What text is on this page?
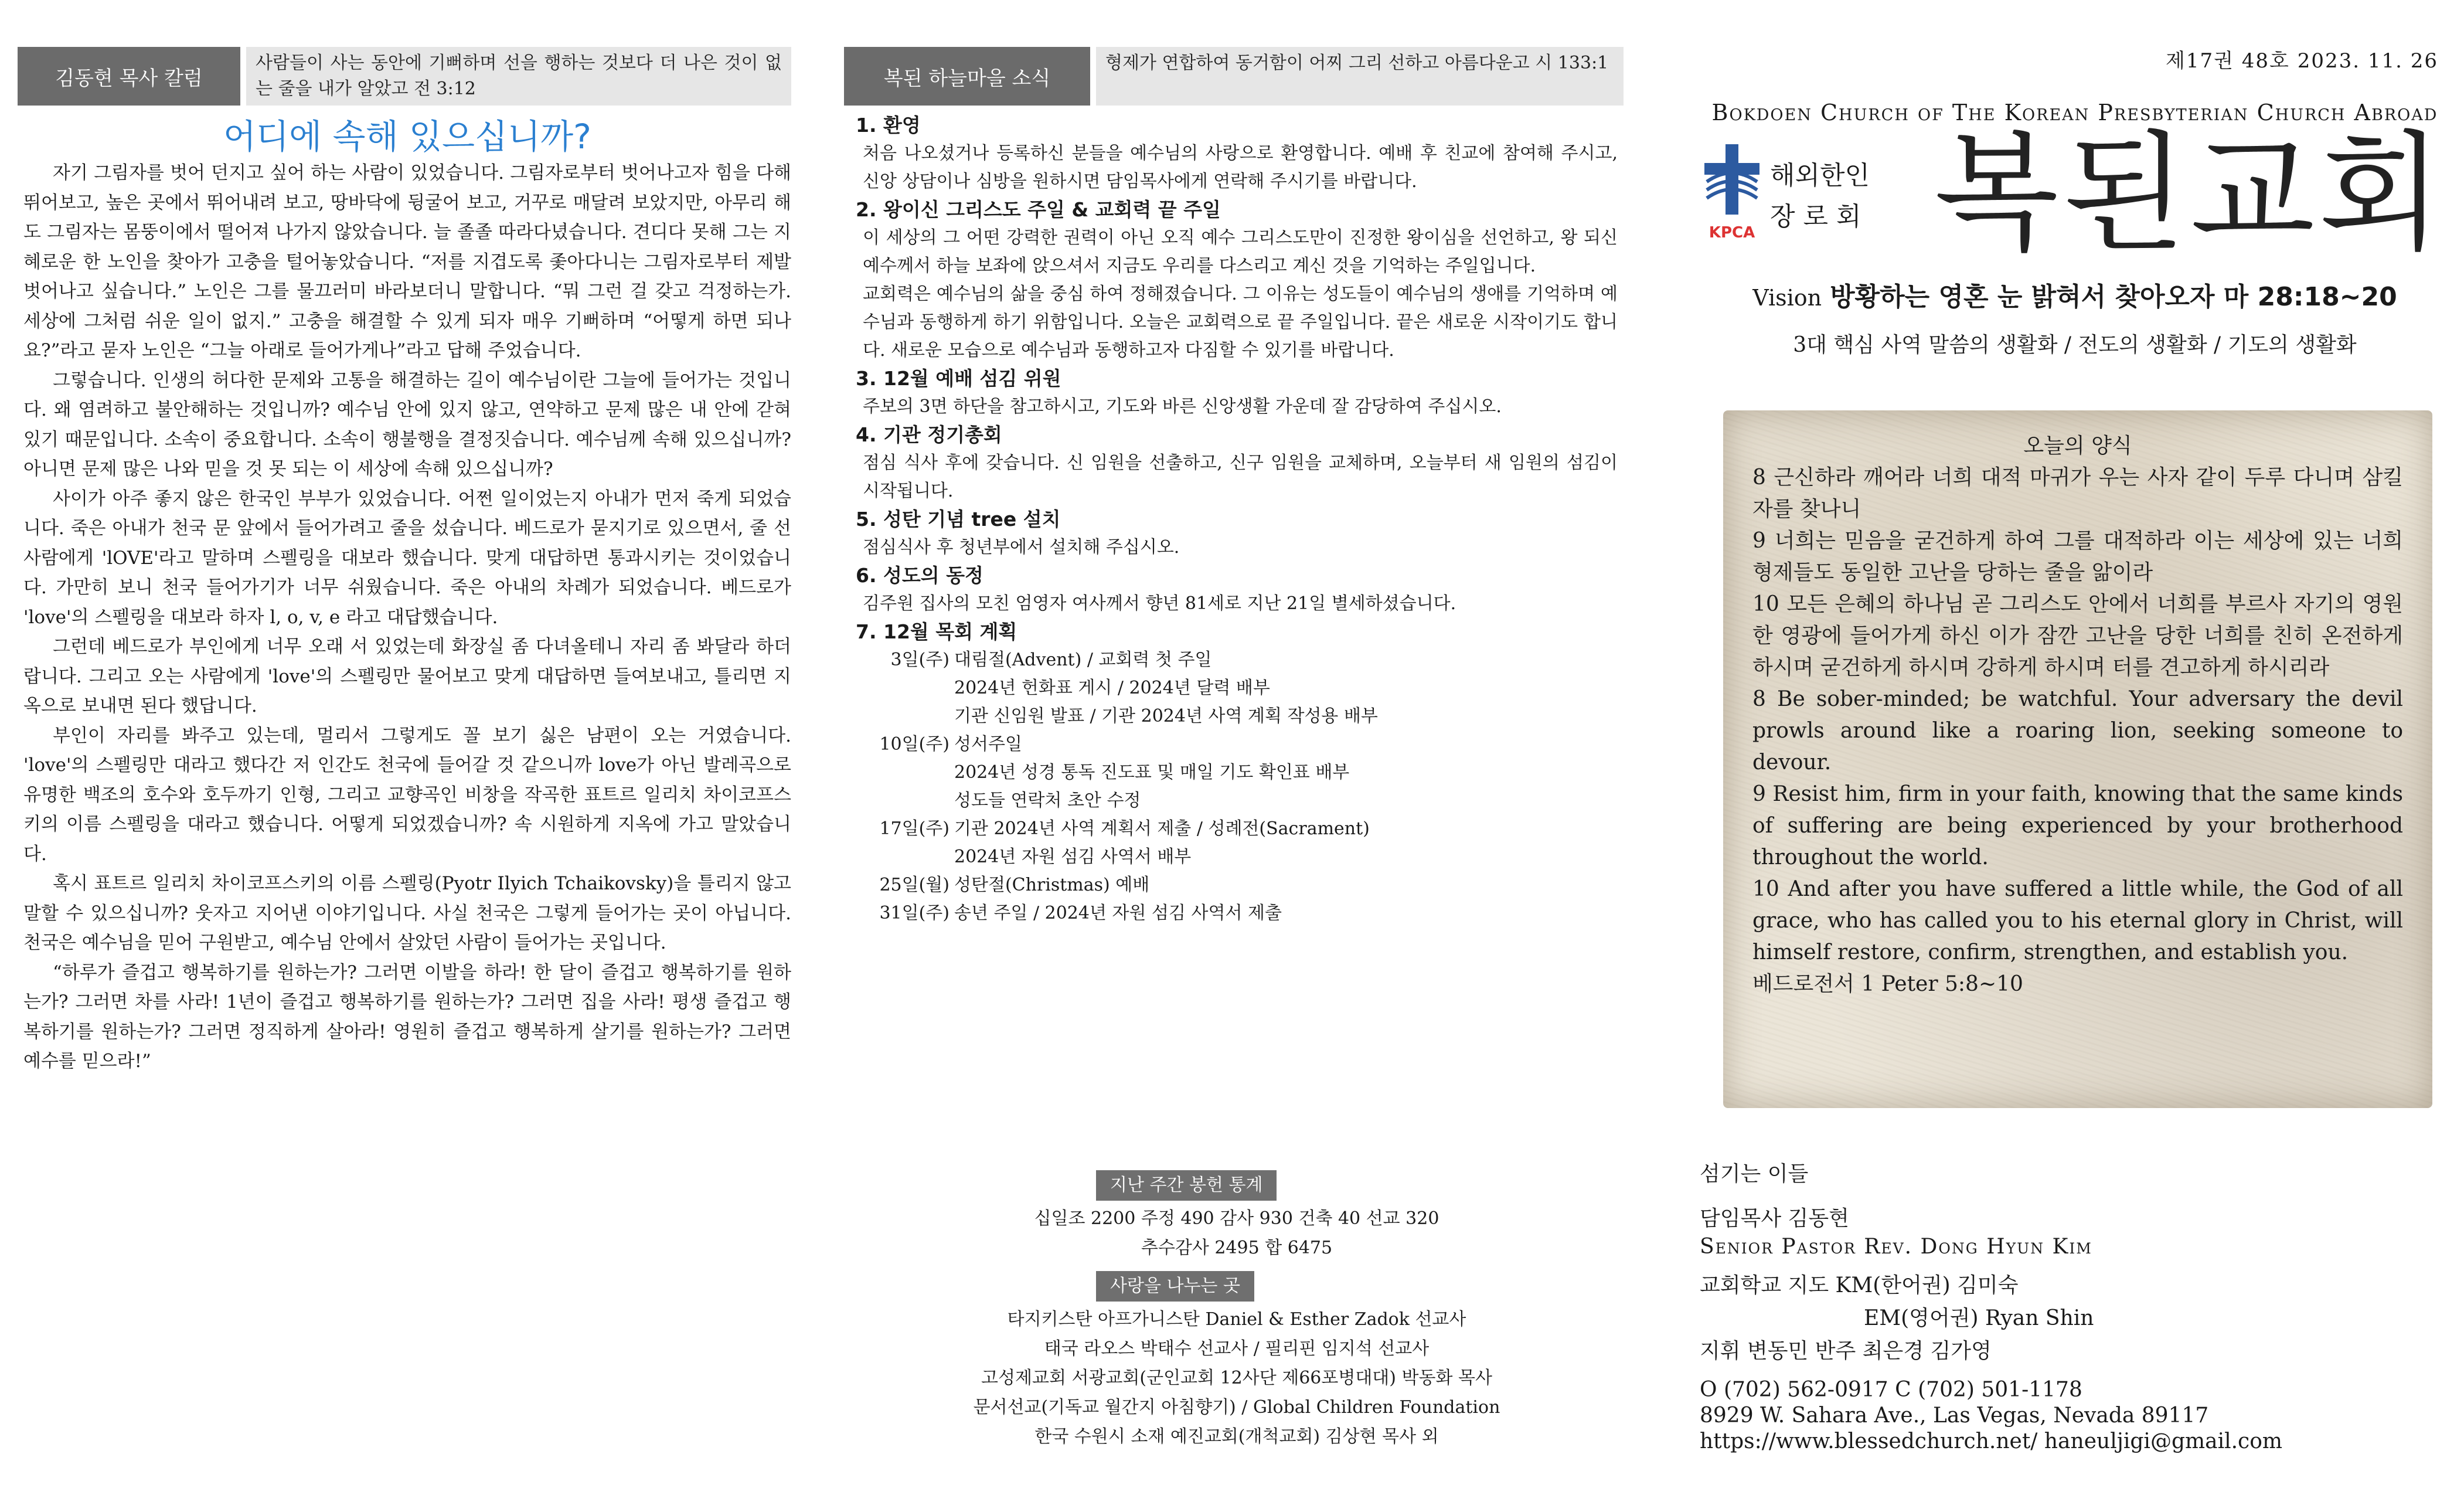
김동현 목사 칼럼
사람들이 사는 동안에 기뻐하며 선을 행하는 것보다 더 나은 것이 없는 줄을 내가 알았고 전 3:12
어디에 속해 있으십니까?

자기 그림자를 벗어 던지고 싶어 하는 사람이 있었습니다. 그림자로부터 벗어나고자 힘을 다해 뛰어보고, 높은 곳에서 뛰어내려 보고, 땅바닥에 뒹굴어 보고, 거꾸로 매달려 보았지만, 아무리 해도 그림자는 몸뚱이에서 떨어져 나가지 않았습니다. 늘 졸졸 따라다녔습니다. 견디다 못해 그는 지혜로운 한 노인을 찾아가 고충을 털어놓았습니다. “저를 지겹도록 좇아다니는 그림자로부터 제발 벗어나고 싶습니다.” 노인은 그를 물끄러미 바라보더니 말합니다. “뭐 그런 걸 갖고 걱정하는가. 세상에 그처럼 쉬운 일이 없지.” 고충을 해결할 수 있게 되자 매우 기뻐하며 “어떻게 하면 되나요?”라고 묻자 노인은 “그늘 아래로 들어가게나”라고 답해 주었습니다.

그렇습니다. 인생의 허다한 문제와 고통을 해결하는 길이 예수님이란 그늘에 들어가는 것입니다. 왜 염려하고 불안해하는 것입니까? 예수님 안에 있지 않고, 연약하고 문제 많은 내 안에 갇혀 있기 때문입니다. 소속이 중요합니다. 소속이 행불행을 결정짓습니다. 예수님께 속해 있으십니까? 아니면 문제 많은 나와 믿을 것 못 되는 이 세상에 속해 있으십니까?

사이가 아주 좋지 않은 한국인 부부가 있었습니다. 어쩐 일이었는지 아내가 먼저 죽게 되었습니다. 죽은 아내가 천국 문 앞에서 들어가려고 줄을 섰습니다. 베드로가 묻지기로 있으면서, 줄 선 사람에게 'lOVE'라고 말하며 스펠링을 대보라 했습니다. 맞게 대답하면 통과시키는 것이었습니다. 가만히 보니 천국 들어가기가 너무 쉬웠습니다. 죽은 아내의 차례가 되었습니다. 베드로가 'love'의 스펠링을 대보라 하자 l, o, v, e 라고 대답했습니다.

그런데 베드로가 부인에게 너무 오래 서 있었는데 화장실 좀 다녀올테니 자리 좀 봐달라 하더랍니다. 그리고 오는 사람에게 'love'의 스펠링만 물어보고 맞게 대답하면 들여보내고, 틀리면 지옥으로 보내면 된다 했답니다.

부인이 자리를 봐주고 있는데, 멀리서 그렇게도 꼴 보기 싫은 남편이 오는 거였습니다. 'love'의 스펠링만 대라고 했다간 저 인간도 천국에 들어갈 것 같으니까 love가 아닌 발레곡으로 유명한 백조의 호수와 호두까기 인형, 그리고 교향곡인 비창을 작곡한 표트르 일리치 차이코프스키의 이름 스펠링을 대라고 했습니다. 어떻게 되었겠습니까? 속 시원하게 지옥에 가고 말았습니다.

혹시 표트르 일리치 차이코프스키의 이름 스펠링(Pyotr Ilyich Tchaikovsky)을 틀리지 않고 말할 수 있으십니까? 웃자고 지어낸 이야기입니다. 사실 천국은 그렇게 들어가는 곳이 아닙니다. 천국은 예수님을 믿어 구원받고, 예수님 안에서 살았던 사람이 들어가는 곳입니다.

“하루가 즐겁고 행복하기를 원하는가? 그러면 이발을 하라! 한 달이 즐겁고 행복하기를 원하는가? 그러면 차를 사라! 1년이 즐겁고 행복하기를 원하는가? 그러면 집을 사라! 평생 즐겁고 행복하기를 원하는가? 그러면 정직하게 살아라! 영원히 즐겁고 행복하게 살기를 원하는가? 그러면 예수를 믿으라!”

복된 하늘마을 소식
형제가 연합하여 동거함이 어찌 그리 선하고 아름다운고 시 133:1
1. 환영
처음 나오셨거나 등록하신 분들을 예수님의 사랑으로 환영합니다. 예배 후 친교에 참여해 주시고, 신앙 상담이나 심방을 원하시면 담임목사에게 연락해 주시기를 바랍니다.
2. 왕이신 그리스도 주일 & 교회력 끝 주일
이 세상의 그 어떤 강력한 권력이 아닌 오직 예수 그리스도만이 진정한 왕이심을 선언하고, 왕 되신 예수께서 하늘 보좌에 앉으셔서 지금도 우리를 다스리고 계신 것을 기억하는 주일입니다.
교회력은 예수님의 삶을 중심 하여 정해졌습니다. 그 이유는 성도들이 예수님의 생애를 기억하며 예수님과 동행하게 하기 위함입니다. 오늘은 교회력으로 끝 주일입니다. 끝은 새로운 시작이기도 합니다. 새로운 모습으로 예수님과 동행하고자 다짐할 수 있기를 바랍니다.
3. 12월 예배 섬김 위원
주보의 3면 하단을 참고하시고, 기도와 바른 신앙생활 가운데 잘 감당하여 주십시오.
4. 기관 정기총회
점심 식사 후에 갖습니다. 신 임원을 선출하고, 신구 임원을 교체하며, 오늘부터 새 임원의 섬김이 시작됩니다.
5. 성탄 기념 tree 설치
점심식사 후 청년부에서 설치해 주십시오.
6. 성도의 동정
김주원 집사의 모친 엄영자 여사께서 향년 81세로 지난 21일 별세하셨습니다.
7. 12월 목회 계획
3일(주) 대림절(Advent) / 교회력 첫 주일
2024년 헌화표 게시 / 2024년 달력 배부
기관 신임원 발표 / 기관 2024년 사역 계획 작성용 배부
10일(주) 성서주일
2024년 성경 통독 진도표 및 매일 기도 확인표 배부
성도들 연락처 초안 수정
17일(주) 기관 2024년 사역 계획서 제출 / 성례전(Sacrament)
2024년 자원 섬김 사역서 배부
25일(월) 성탄절(Christmas) 예배
31일(주) 송년 주일 / 2024년 자원 섬김 사역서 제출
지난 주간 봉헌 통계
십일조 2200 주정 490 감사 930 건축 40 선교 320
추수감사 2495 합 6475
사랑을 나누는 곳
타지키스탄 아프가니스탄 Daniel & Esther Zadok 선교사
태국 라오스 박태수 선교사 / 필리핀 임지석 선교사
고성제교회 서광교회(군인교회 12사단 제66포병대대) 박동화 목사
문서선교(기독교 월간지 아침향기) / Global Children Foundation
한국 수원시 소재 예진교회(개척교회) 김상현 목사 외
제17권 48호 2023. 11. 26
Bokdoen Church of The Korean Presbyterian Church Abroad
KPCA
해외한인
장 로 회 복된교회
Vision 방황하는 영혼 눈 밝혀서 찾아오자 마 28:18~20
3대 핵심 사역 말씀의 생활화 / 전도의 생활화 / 기도의 생활화
오늘의 양식
8 근신하라 깨어라 너희 대적 마귀가 우는 사자 같이 두루 다니며 삼킬 자를 찾나니
9 너희는 믿음을 굳건하게 하여 그를 대적하라 이는 세상에 있는 너희 형제들도 동일한 고난을 당하는 줄을 앎이라
10 모든 은혜의 하나님 곧 그리스도 안에서 너희를 부르사 자기의 영원한 영광에 들어가게 하신 이가 잠깐 고난을 당한 너희를 친히 온전하게 하시며 굳건하게 하시며 강하게 하시며 터를 견고하게 하시리라
8 Be sober-minded; be watchful. Your adversary the devil prowls around like a roaring lion, seeking someone to devour.
9 Resist him, firm in your faith, knowing that the same kinds of suffering are being experienced by your brotherhood throughout the world.
10 And after you have suffered a little while, the God of all grace, who has called you to his eternal glory in Christ, will himself restore, confirm, strengthen, and establish you.
베드로전서 1 Peter 5:8~10
섬기는 이들
담임목사 김동현
Senior Pastor Rev. Dong Hyun Kim
교회학교 지도 KM(한어권) 김미숙
EM(영어권) Ryan Shin
지휘 변동민 반주 최은경 김가영
O (702) 562-0917 C (702) 501-1178
8929 W. Sahara Ave., Las Vegas, Nevada 89117
https://www.blessedchurch.net/ haneuljigi@gmail.com
